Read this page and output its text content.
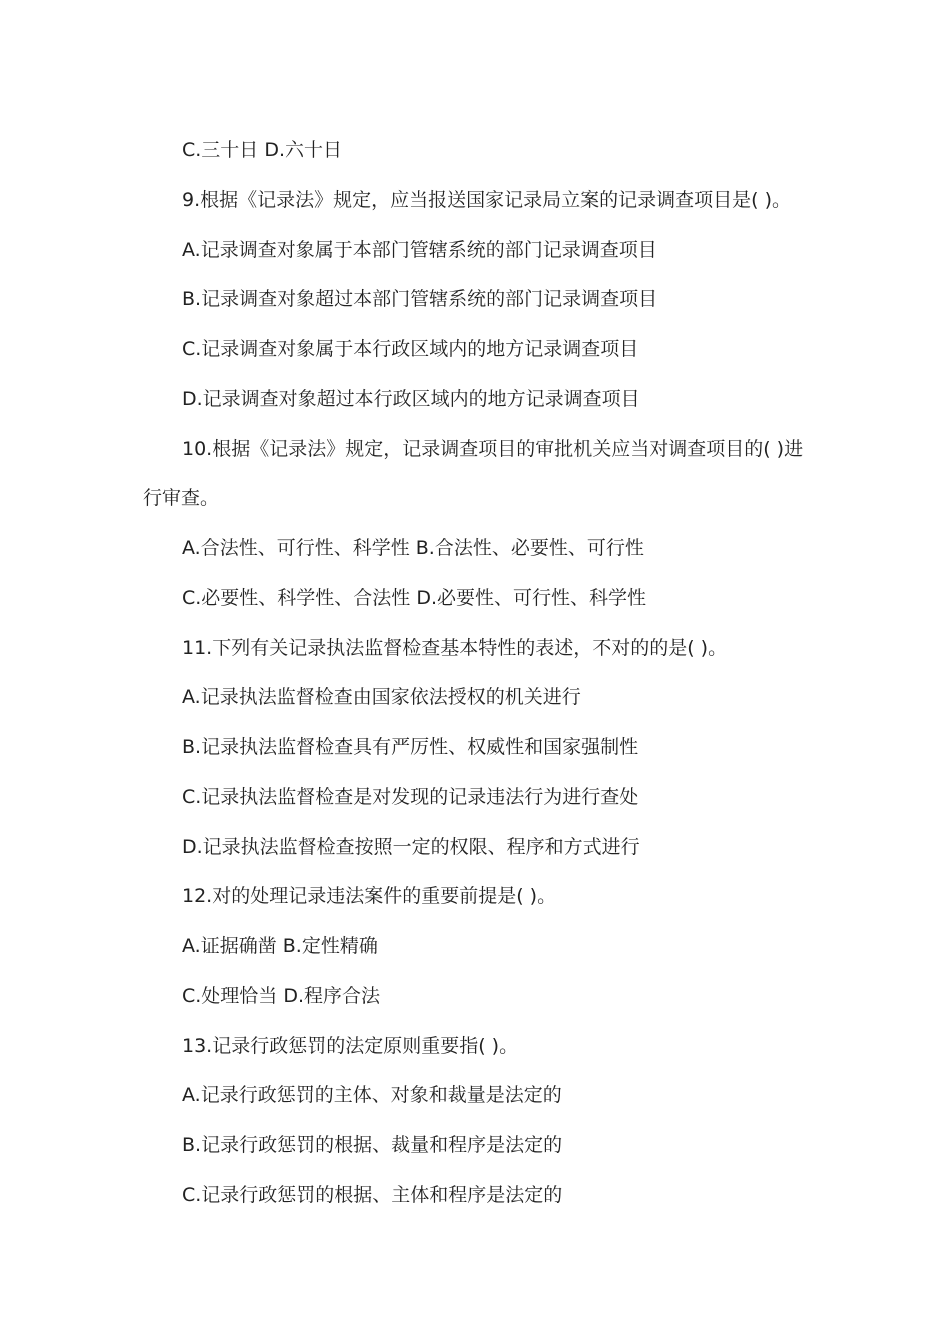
C.三十日 D.六十日
9.根据《记录法》规定，应当报送国家记录局立案的记录调查项目是( )。
A.记录调查对象属于本部门管辖系统的部门记录调查项目
B.记录调查对象超过本部门管辖系统的部门记录调查项目
C.记录调查对象属于本行政区域内的地方记录调查项目
D.记录调查对象超过本行政区域内的地方记录调查项目
10.根据《记录法》规定，记录调查项目的审批机关应当对调查项目的( )进
行审查。
A.合法性、可行性、科学性 B.合法性、必要性、可行性
C.必要性、科学性、合法性 D.必要性、可行性、科学性
11.下列有关记录执法监督检查基本特性的表述，不对的的是( )。
A.记录执法监督检查由国家依法授权的机关进行
B.记录执法监督检查具有严厉性、权威性和国家强制性
C.记录执法监督检查是对发现的记录违法行为进行查处
D.记录执法监督检查按照一定的权限、程序和方式进行
12.对的处理记录违法案件的重要前提是( )。
A.证据确凿 B.定性精确
C.处理恰当 D.程序合法
13.记录行政惩罚的法定原则重要指( )。
A.记录行政惩罚的主体、对象和裁量是法定的
B.记录行政惩罚的根据、裁量和程序是法定的
C.记录行政惩罚的根据、主体和程序是法定的
